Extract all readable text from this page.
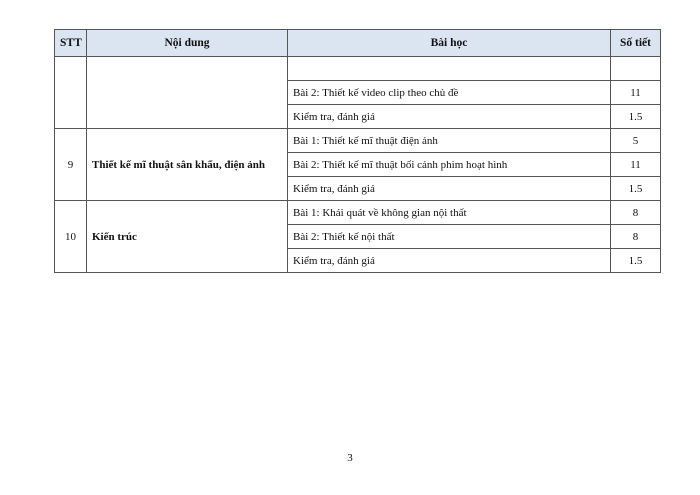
STT	Nội dung	Bài học	Số tiết

		Bài 2: Thiết kế video clip theo chủ đề	11
		Kiểm tra, đánh giá	1.5
9	Thiết kế mĩ thuật sân khấu, điện ảnh	Bài 1: Thiết kế mĩ thuật điện ảnh	5
		Bài 2: Thiết kế mĩ thuật bối cảnh phim hoạt hình	11
		Kiểm tra, đánh giá	1.5
10	Kiến trúc	Bài 1: Khái quát về không gian nội thất	8
		Bài 2: Thiết kế nội thất	8
		Kiểm tra, đánh giá	1.5
3
